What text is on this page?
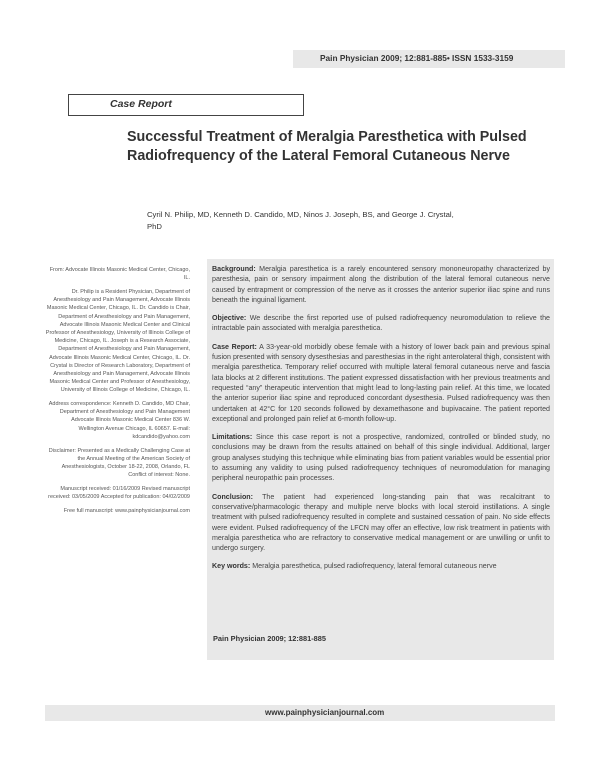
Pain Physician 2009; 12:881-885• ISSN 1533-3159
Case Report
Successful Treatment of Meralgia Paresthetica with Pulsed Radiofrequency of the Lateral Femoral Cutaneous Nerve
Cyril N. Philip, MD, Kenneth D. Candido, MD, Ninos J. Joseph, BS, and George J. Crystal, PhD

From: Advocate Illinois Masonic Medical Center, Chicago, IL.

Dr. Philip is a Resident Physician, Department of Anesthesiology and Pain Management, Advocate Illinois Masonic Medical Center, Chicago, IL. Dr. Candido is Chair, Department of Anesthesiology and Pain Management, Advocate Illinois Masonic Medical Center and Clinical Professor of Anesthesiology, University of Illinois College of Medicine, Chicago, IL. Joseph is a Research Associate, Department of Anesthesiology and Pain Management, Advocate Illinois Masonic Medical Center, Chicago, IL. Dr. Crystal is Director of Research Laboratory, Department of Anesthesiology and Pain Management, Advocate Illinois Masonic Medical Center and Professor of Anesthesiology, University of Illinois College of Medicine, Chicago, IL.

Address correspondence: Kenneth D. Candido, MD Chair, Department of Anesthesiology and Pain Management Advocate Illinois Masonic Medical Center 836 W. Wellington Avenue Chicago, IL 60657. E-mail: kdcandido@yahoo.com

Disclaimer: Presented as a Medically Challenging Case at the Annual Meeting of the American Society of Anesthesiologists, October 18-22, 2008, Orlando, FL Conflict of interest: None.

Manuscript received: 01/16/2009 Revised manuscript received: 03/05/2009 Accepted for publication: 04/02/2009

Free full manuscript: www.painphysicianjournal.com

Background: Meralgia paresthetica is a rarely encountered sensory mononeuropathy characterized by paresthesia, pain or sensory impairment along the distribution of the lateral femoral cutaneous nerve caused by entrapment or compression of the nerve as it crosses the anterior superior iliac spine and runs beneath the inguinal ligament.

Objective: We describe the first reported use of pulsed radiofrequency neuromodulation to relieve the intractable pain associated with meralgia paresthetica.

Case Report: A 33-year-old morbidly obese female with a history of lower back pain and previous spinal fusion presented with sensory dysesthesias and paresthesias in the right anterolateral thigh, consistent with meralgia paresthetica. Temporary relief occurred with multiple lateral femoral cutaneous nerve and fascia lata blocks at 2 different institutions. The patient expressed dissatisfaction with her previous treatments and requested “any” therapeutic intervention that might lead to long-lasting pain relief. At this time, we located the anterior superior iliac spine and reproduced concordant dysesthesia. Pulsed radiofrequency was then undertaken at 42°C for 120 seconds followed by dexamethasone and bupivacaine. The patient reported exceptional and prolonged pain relief at 6-month follow-up.

Limitations: Since this case report is not a prospective, randomized, controlled or blinded study, no conclusions may be drawn from the results attained on behalf of this single individual. Additional, larger group analyses studying this technique while eliminating bias from patient variables would be essential prior to assuming any validity to using pulsed radiofrequency techniques of neuromodulation for managing peripheral neuropathic pain processes.

Conclusion: The patient had experienced long-standing pain that was recalcitrant to conservative/pharmacologic therapy and multiple nerve blocks with local steroid instillations. A single treatment with pulsed radiofrequency resulted in complete and sustained cessation of pain. No side effects were evident. Pulsed radiofrequency of the LFCN may offer an effective, low risk treatment in patients with meralgia paresthetica who are refractory to conservative medical management or are unwilling or unfit to undergo surgery.

Key words: Meralgia paresthetica, pulsed radiofrequency, lateral femoral cutaneous nerve

Pain Physician 2009; 12:881-885
www.painphysicianjournal.com
